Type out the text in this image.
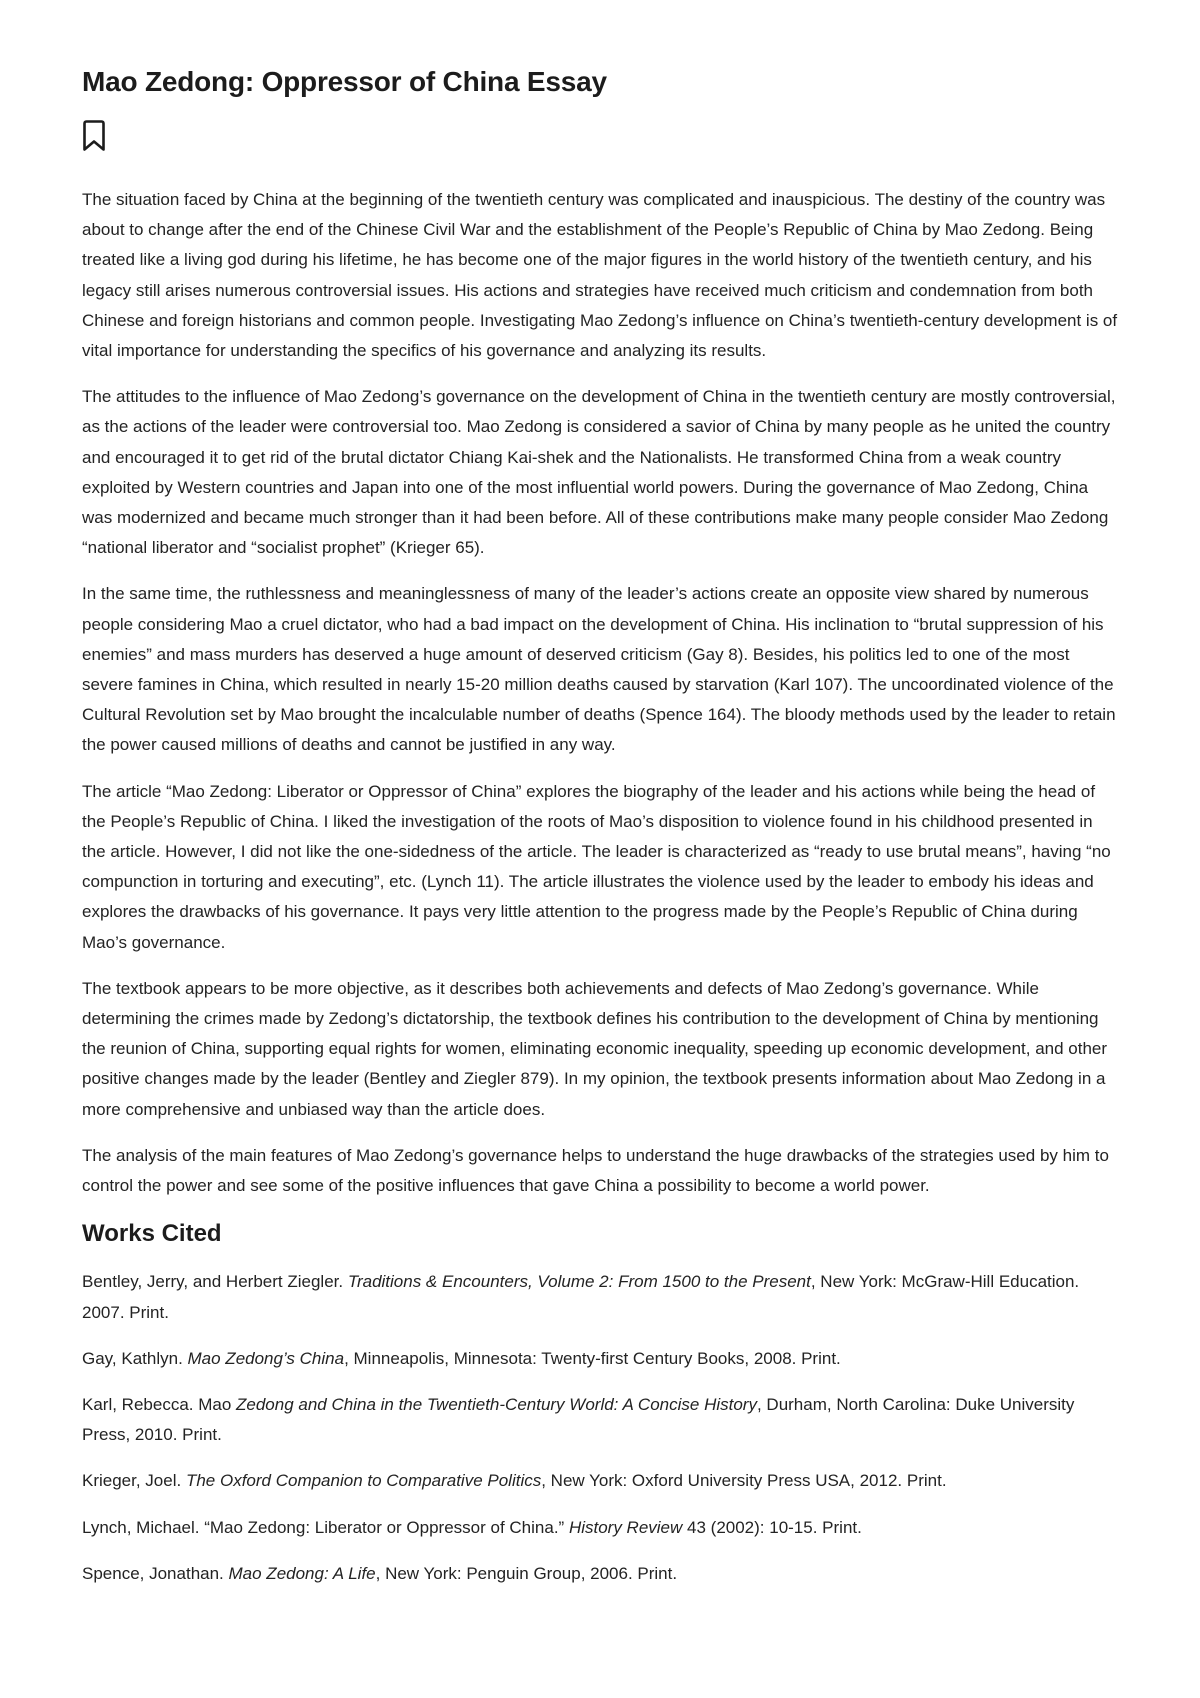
Mao Zedong: Oppressor of China Essay

The situation faced by China at the beginning of the twentieth century was complicated and inauspicious. The destiny of the country was about to change after the end of the Chinese Civil War and the establishment of the People’s Republic of China by Mao Zedong. Being treated like a living god during his lifetime, he has become one of the major figures in the world history of the twentieth century, and his legacy still arises numerous controversial issues. His actions and strategies have received much criticism and condemnation from both Chinese and foreign historians and common people. Investigating Mao Zedong’s influence on China’s twentieth-century development is of vital importance for understanding the specifics of his governance and analyzing its results.

The attitudes to the influence of Mao Zedong’s governance on the development of China in the twentieth century are mostly controversial, as the actions of the leader were controversial too. Mao Zedong is considered a savior of China by many people as he united the country and encouraged it to get rid of the brutal dictator Chiang Kai-shek and the Nationalists. He transformed China from a weak country exploited by Western countries and Japan into one of the most influential world powers. During the governance of Mao Zedong, China was modernized and became much stronger than it had been before. All of these contributions make many people consider Mao Zedong “national liberator and “socialist prophet” (Krieger 65).

In the same time, the ruthlessness and meaninglessness of many of the leader’s actions create an opposite view shared by numerous people considering Mao a cruel dictator, who had a bad impact on the development of China. His inclination to “brutal suppression of his enemies” and mass murders has deserved a huge amount of deserved criticism (Gay 8). Besides, his politics led to one of the most severe famines in China, which resulted in nearly 15-20 million deaths caused by starvation (Karl 107). The uncoordinated violence of the Cultural Revolution set by Mao brought the incalculable number of deaths (Spence 164). The bloody methods used by the leader to retain the power caused millions of deaths and cannot be justified in any way.

The article “Mao Zedong: Liberator or Oppressor of China” explores the biography of the leader and his actions while being the head of the People’s Republic of China. I liked the investigation of the roots of Mao’s disposition to violence found in his childhood presented in the article. However, I did not like the one-sidedness of the article. The leader is characterized as “ready to use brutal means”, having “no compunction in torturing and executing”, etc. (Lynch 11). The article illustrates the violence used by the leader to embody his ideas and explores the drawbacks of his governance. It pays very little attention to the progress made by the People’s Republic of China during Mao’s governance.

The textbook appears to be more objective, as it describes both achievements and defects of Mao Zedong’s governance. While determining the crimes made by Zedong’s dictatorship, the textbook defines his contribution to the development of China by mentioning the reunion of China, supporting equal rights for women, eliminating economic inequality, speeding up economic development, and other positive changes made by the leader (Bentley and Ziegler 879). In my opinion, the textbook presents information about Mao Zedong in a more comprehensive and unbiased way than the article does.

The analysis of the main features of Mao Zedong’s governance helps to understand the huge drawbacks of the strategies used by him to control the power and see some of the positive influences that gave China a possibility to become a world power.

Works Cited

Bentley, Jerry, and Herbert Ziegler. Traditions & Encounters, Volume 2: From 1500 to the Present, New York: McGraw-Hill Education. 2007. Print.

Gay, Kathlyn. Mao Zedong’s China, Minneapolis, Minnesota: Twenty-first Century Books, 2008. Print.

Karl, Rebecca. Mao Zedong and China in the Twentieth-Century World: A Concise History, Durham, North Carolina: Duke University Press, 2010. Print.

Krieger, Joel. The Oxford Companion to Comparative Politics, New York: Oxford University Press USA, 2012. Print.

Lynch, Michael. “Mao Zedong: Liberator or Oppressor of China.” History Review 43 (2002): 10-15. Print.

Spence, Jonathan. Mao Zedong: A Life, New York: Penguin Group, 2006. Print.
